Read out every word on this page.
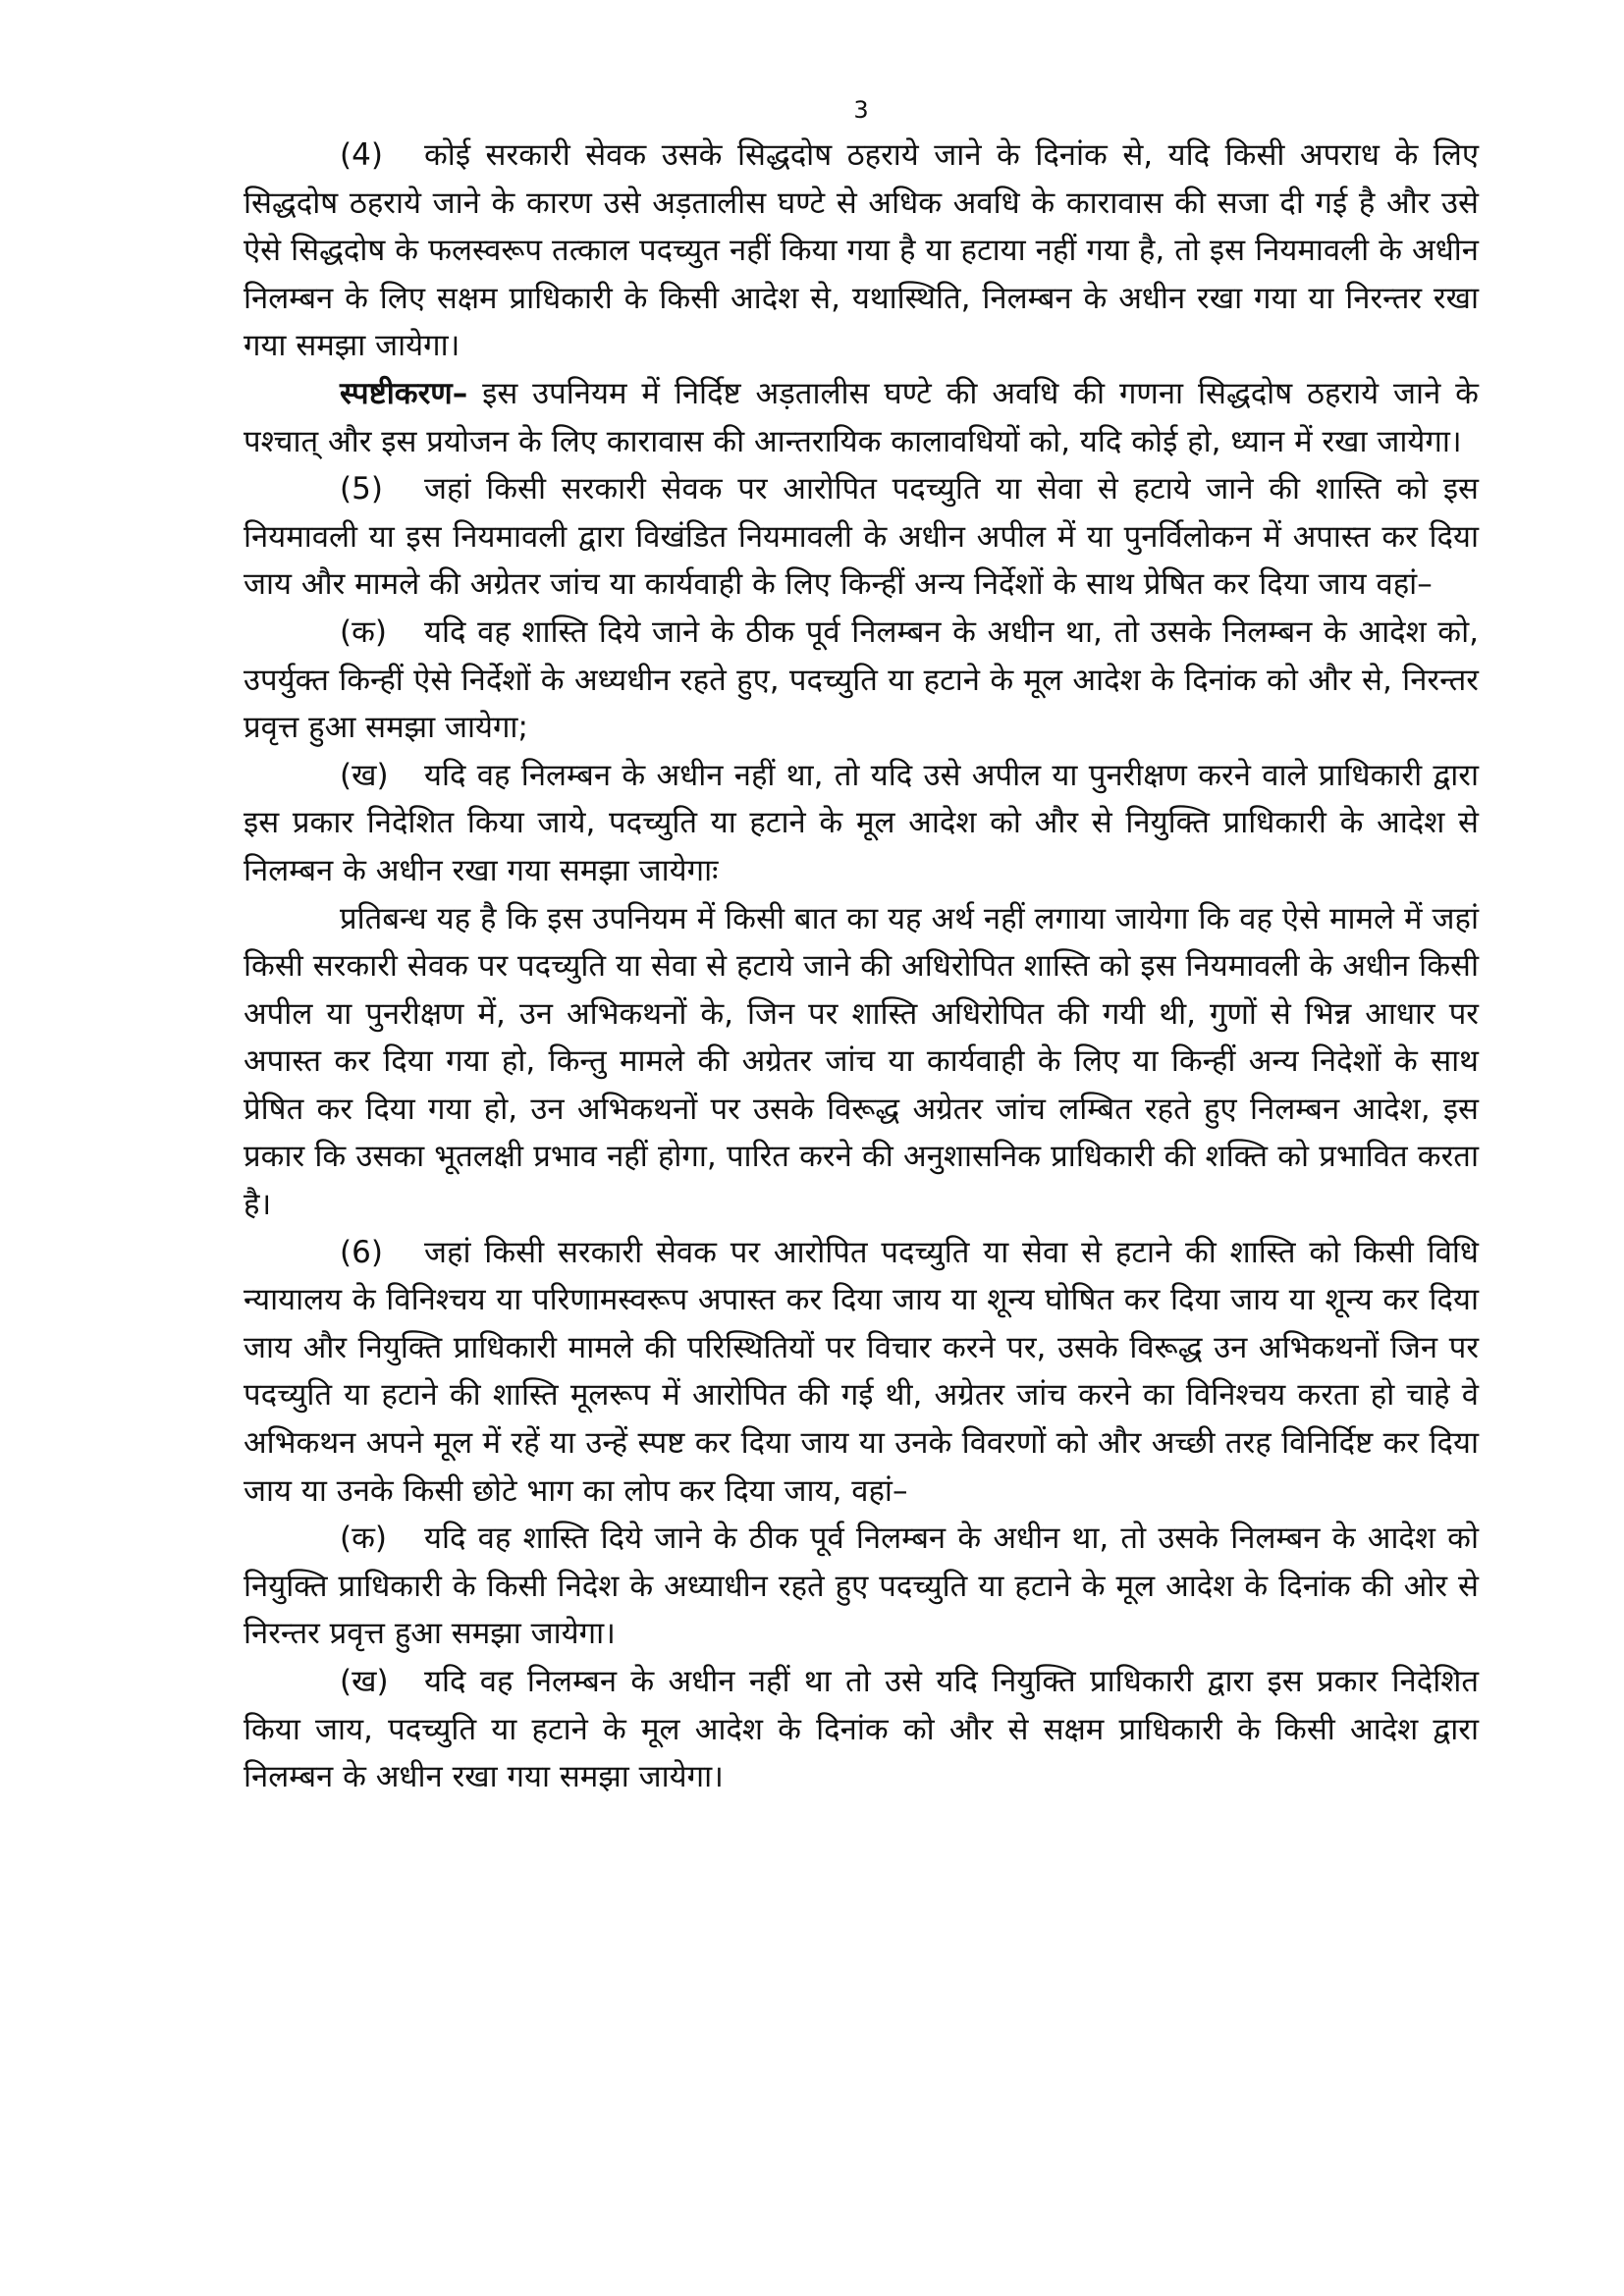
3

(4) कोई सरकारी सेवक उसके सिद्धदोष ठहराये जाने के दिनांक से, यदि किसी अपराध के लिए सिद्धदोष ठहराये जाने के कारण उसे अड़तालीस घण्टे से अधिक अवधि के कारावास की सजा दी गई है और उसे ऐसे सिद्धदोष के फलस्वरूप तत्काल पदच्युत नहीं किया गया है या हटाया नहीं गया है, तो इस नियमावली के अधीन निलम्बन के लिए सक्षम प्राधिकारी के किसी आदेश से, यथास्थिति, निलम्बन के अधीन रखा गया या निरन्तर रखा गया समझा जायेगा।

स्पष्टीकरण– इस उपनियम में निर्दिष्ट अड़तालीस घण्टे की अवधि की गणना सिद्धदोष ठहराये जाने के पश्चात् और इस प्रयोजन के लिए कारावास की आन्तरायिक कालावधियों को, यदि कोई हो, ध्यान में रखा जायेगा।

(5) जहां किसी सरकारी सेवक पर आरोपित पदच्युति या सेवा से हटाये जाने की शास्ति को इस नियमावली या इस नियमावली द्वारा विखंडित नियमावली के अधीन अपील में या पुनर्विलोकन में अपास्त कर दिया जाय और मामले की अग्रेतर जांच या कार्यवाही के लिए किन्हीं अन्य निर्देशों के साथ प्रेषित कर दिया जाय वहां–

(क) यदि वह शास्ति दिये जाने के ठीक पूर्व निलम्बन के अधीन था, तो उसके निलम्बन के आदेश को, उपर्युक्त किन्हीं ऐसे निर्देशों के अध्यधीन रहते हुए, पदच्युति या हटाने के मूल आदेश के दिनांक को और से, निरन्तर प्रवृत्त हुआ समझा जायेगा;

(ख) यदि वह निलम्बन के अधीन नहीं था, तो यदि उसे अपील या पुनरीक्षण करने वाले प्राधिकारी द्वारा इस प्रकार निदेशित किया जाये, पदच्युति या हटाने के मूल आदेश को और से नियुक्ति प्राधिकारी के आदेश से निलम्बन के अधीन रखा गया समझा जायेगाः

प्रतिबन्ध यह है कि इस उपनियम में किसी बात का यह अर्थ नहीं लगाया जायेगा कि वह ऐसे मामले में जहां किसी सरकारी सेवक पर पदच्युति या सेवा से हटाये जाने की अधिरोपित शास्ति को इस नियमावली के अधीन किसी अपील या पुनरीक्षण में, उन अभिकथनों के, जिन पर शास्ति अधिरोपित की गयी थी, गुणों से भिन्न आधार पर अपास्त कर दिया गया हो, किन्तु मामले की अग्रेतर जांच या कार्यवाही के लिए या किन्हीं अन्य निदेशों के साथ प्रेषित कर दिया गया हो, उन अभिकथनों पर उसके विरूद्ध अग्रेतर जांच लम्बित रहते हुए निलम्बन आदेश, इस प्रकार कि उसका भूतलक्षी प्रभाव नहीं होगा, पारित करने की अनुशासनिक प्राधिकारी की शक्ति को प्रभावित करता है।

(6) जहां किसी सरकारी सेवक पर आरोपित पदच्युति या सेवा से हटाने की शास्ति को किसी विधि न्यायालय के विनिश्चय या परिणामस्वरूप अपास्त कर दिया जाय या शून्य घोषित कर दिया जाय या शून्य कर दिया जाय और नियुक्ति प्राधिकारी मामले की परिस्थितियों पर विचार करने पर, उसके विरूद्ध उन अभिकथनों जिन पर पदच्युति या हटाने की शास्ति मूलरूप में आरोपित की गई थी, अग्रेतर जांच करने का विनिश्चय करता हो चाहे वे अभिकथन अपने मूल में रहें या उन्हें स्पष्ट कर दिया जाय या उनके विवरणों को और अच्छी तरह विनिर्दिष्ट कर दिया जाय या उनके किसी छोटे भाग का लोप कर दिया जाय, वहां–

(क) यदि वह शास्ति दिये जाने के ठीक पूर्व निलम्बन के अधीन था, तो उसके निलम्बन के आदेश को नियुक्ति प्राधिकारी के किसी निदेश के अध्याधीन रहते हुए पदच्युति या हटाने के मूल आदेश के दिनांक की ओर से निरन्तर प्रवृत्त हुआ समझा जायेगा।

(ख) यदि वह निलम्बन के अधीन नहीं था तो उसे यदि नियुक्ति प्राधिकारी द्वारा इस प्रकार निदेशित किया जाय, पदच्युति या हटाने के मूल आदेश के दिनांक को और से सक्षम प्राधिकारी के किसी आदेश द्वारा निलम्बन के अधीन रखा गया समझा जायेगा।
